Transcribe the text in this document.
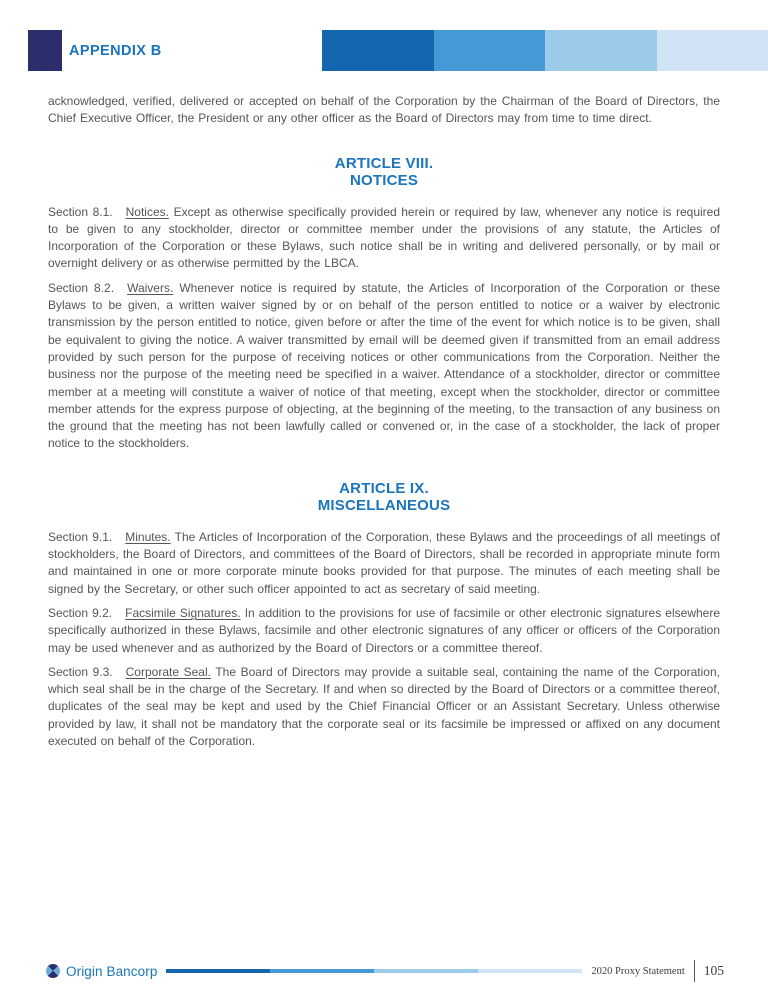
APPENDIX B

acknowledged, verified, delivered or accepted on behalf of the Corporation by the Chairman of the Board of Directors, the Chief Executive Officer, the President or any other officer as the Board of Directors may from time to time direct.

ARTICLE VIII.
NOTICES

Section 8.1. Notices. Except as otherwise specifically provided herein or required by law, whenever any notice is required to be given to any stockholder, director or committee member under the provisions of any statute, the Articles of Incorporation of the Corporation or these Bylaws, such notice shall be in writing and delivered personally, or by mail or overnight delivery or as otherwise permitted by the LBCA.

Section 8.2. Waivers. Whenever notice is required by statute, the Articles of Incorporation of the Corporation or these Bylaws to be given, a written waiver signed by or on behalf of the person entitled to notice or a waiver by electronic transmission by the person entitled to notice, given before or after the time of the event for which notice is to be given, shall be equivalent to giving the notice. A waiver transmitted by email will be deemed given if transmitted from an email address provided by such person for the purpose of receiving notices or other communications from the Corporation. Neither the business nor the purpose of the meeting need be specified in a waiver. Attendance of a stockholder, director or committee member at a meeting will constitute a waiver of notice of that meeting, except when the stockholder, director or committee member attends for the express purpose of objecting, at the beginning of the meeting, to the transaction of any business on the ground that the meeting has not been lawfully called or convened or, in the case of a stockholder, the lack of proper notice to the stockholders.

ARTICLE IX.
MISCELLANEOUS

Section 9.1. Minutes. The Articles of Incorporation of the Corporation, these Bylaws and the proceedings of all meetings of stockholders, the Board of Directors, and committees of the Board of Directors, shall be recorded in appropriate minute form and maintained in one or more corporate minute books provided for that purpose. The minutes of each meeting shall be signed by the Secretary, or other such officer appointed to act as secretary of said meeting.

Section 9.2. Facsimile Signatures. In addition to the provisions for use of facsimile or other electronic signatures elsewhere specifically authorized in these Bylaws, facsimile and other electronic signatures of any officer or officers of the Corporation may be used whenever and as authorized by the Board of Directors or a committee thereof.

Section 9.3. Corporate Seal. The Board of Directors may provide a suitable seal, containing the name of the Corporation, which seal shall be in the charge of the Secretary. If and when so directed by the Board of Directors or a committee thereof, duplicates of the seal may be kept and used by the Chief Financial Officer or an Assistant Secretary. Unless otherwise provided by law, it shall not be mandatory that the corporate seal or its facsimile be impressed or affixed on any document executed on behalf of the Corporation.

Origin Bancorp	2020 Proxy Statement 105
